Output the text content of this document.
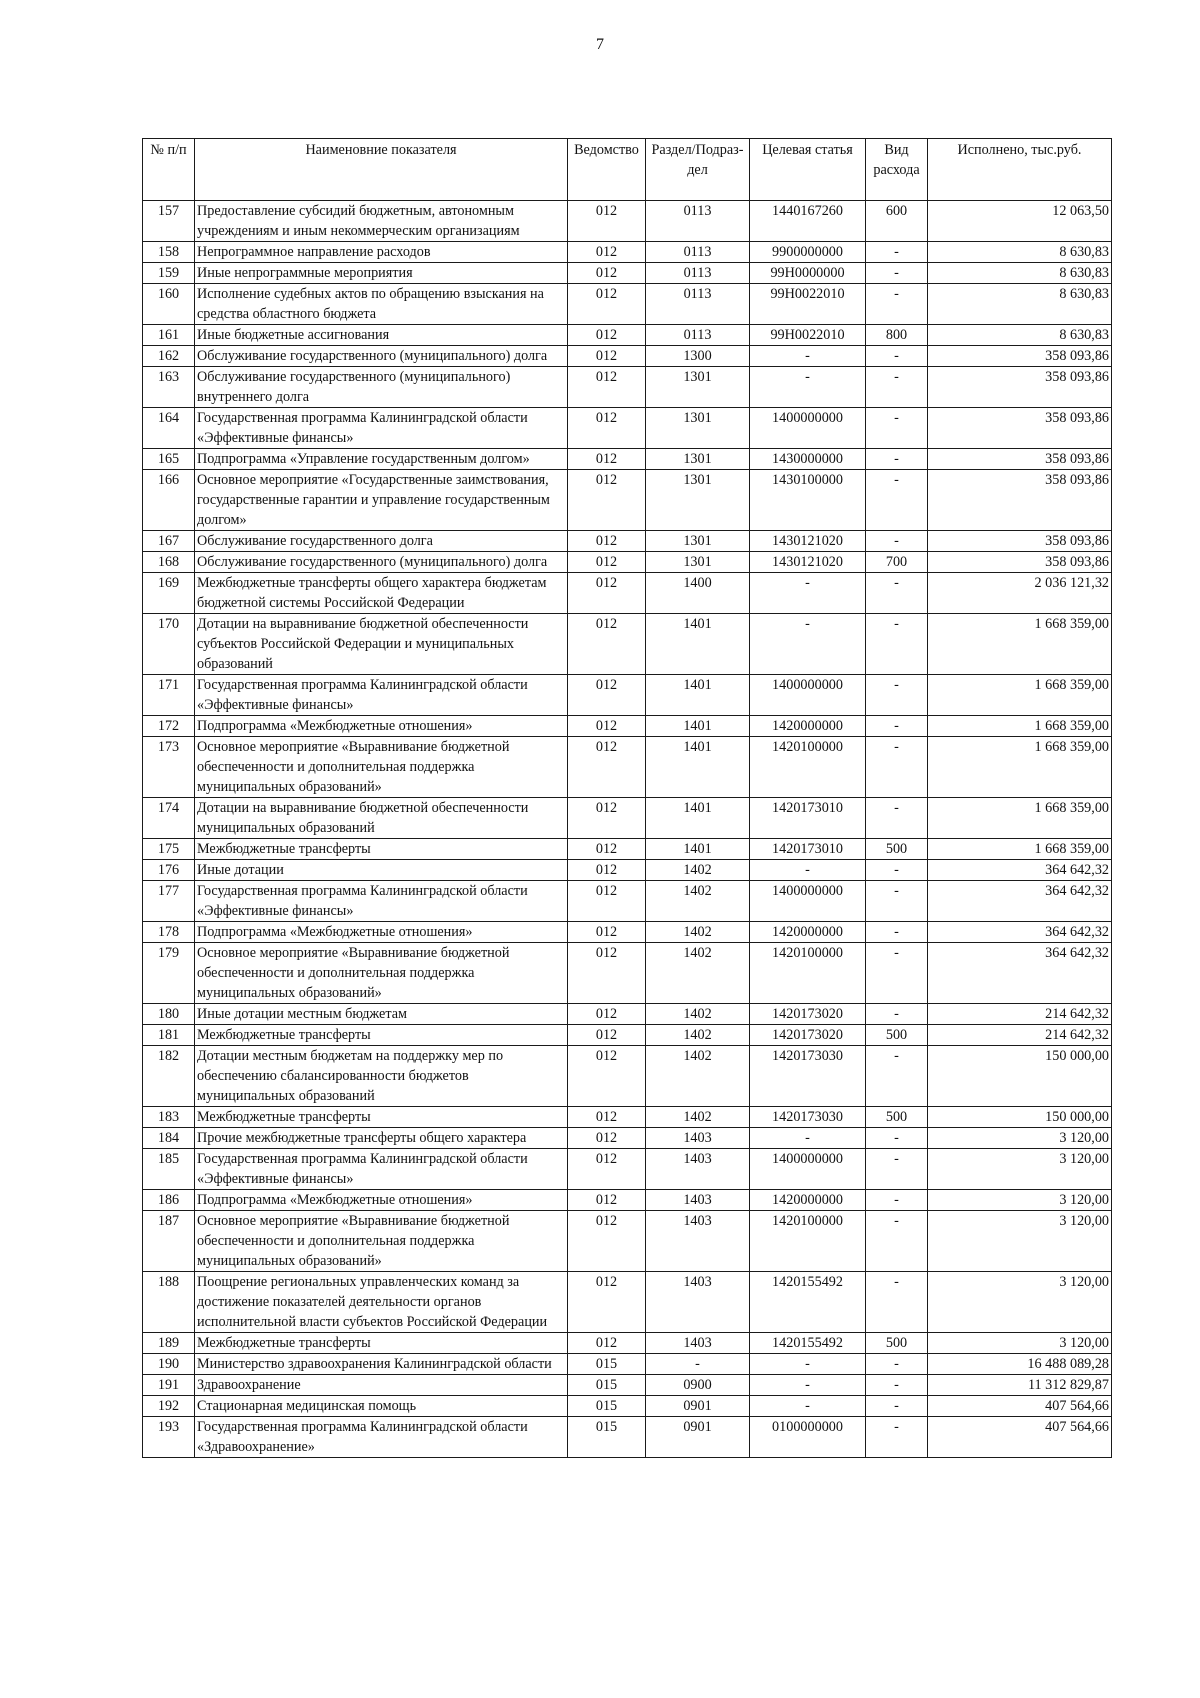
7
№ п/п	Наименовние показателя	Ведомство	Раздел/Подраз-дел	Целевая статья	Вид расхода	Исполнено, тыс.руб.
157	Предоставление субсидий бюджетным, автономным учреждениям и иным некоммерческим организациям	012	0113	1440167260	600	12 063,50
158	Непрограммное направление расходов	012	0113	9900000000	-	8 630,83
159	Иные непрограммные мероприятия	012	0113	99H0000000	-	8 630,83
160	Исполнение судебных актов по обращению взыскания на средства областного бюджета	012	0113	99H0022010	-	8 630,83
161	Иные бюджетные ассигнования	012	0113	99H0022010	800	8 630,83
162	Обслуживание государственного (муниципального) долга	012	1300	-	-	358 093,86
163	Обслуживание государственного (муниципального) внутреннего долга	012	1301	-	-	358 093,86
164	Государственная программа Калининградской области «Эффективные финансы»	012	1301	1400000000	-	358 093,86
165	Подпрограмма «Управление государственным долгом»	012	1301	1430000000	-	358 093,86
166	Основное мероприятие «Государственные заимствования, государственные гарантии и управление государственным долгом»	012	1301	1430100000	-	358 093,86
167	Обслуживание государственного долга	012	1301	1430121020	-	358 093,86
168	Обслуживание государственного (муниципального) долга	012	1301	1430121020	700	358 093,86
169	Межбюджетные трансферты общего характера бюджетам бюджетной системы Российской Федерации	012	1400	-	-	2 036 121,32
170	Дотации на выравнивание бюджетной обеспеченности субъектов Российской Федерации и муниципальных образований	012	1401	-	-	1 668 359,00
171	Государственная программа Калининградской области «Эффективные финансы»	012	1401	1400000000	-	1 668 359,00
172	Подпрограмма «Межбюджетные отношения»	012	1401	1420000000	-	1 668 359,00
173	Основное мероприятие «Выравнивание бюджетной обеспеченности и дополнительная поддержка муниципальных образований»	012	1401	1420100000	-	1 668 359,00
174	Дотации на выравнивание бюджетной обеспеченности муниципальных образований	012	1401	1420173010	-	1 668 359,00
175	Межбюджетные трансферты	012	1401	1420173010	500	1 668 359,00
176	Иные дотации	012	1402	-	-	364 642,32
177	Государственная программа Калининградской области «Эффективные финансы»	012	1402	1400000000	-	364 642,32
178	Подпрограмма «Межбюджетные отношения»	012	1402	1420000000	-	364 642,32
179	Основное мероприятие «Выравнивание бюджетной обеспеченности и дополнительная поддержка муниципальных образований»	012	1402	1420100000	-	364 642,32
180	Иные дотации местным бюджетам	012	1402	1420173020	-	214 642,32
181	Межбюджетные трансферты	012	1402	1420173020	500	214 642,32
182	Дотации местным бюджетам на поддержку мер по обеспечению сбалансированности бюджетов муниципальных образований	012	1402	1420173030	-	150 000,00
183	Межбюджетные трансферты	012	1402	1420173030	500	150 000,00
184	Прочие межбюджетные трансферты общего характера	012	1403	-	-	3 120,00
185	Государственная программа Калининградской области «Эффективные финансы»	012	1403	1400000000	-	3 120,00
186	Подпрограмма «Межбюджетные отношения»	012	1403	1420000000	-	3 120,00
187	Основное мероприятие «Выравнивание бюджетной обеспеченности и дополнительная поддержка муниципальных образований»	012	1403	1420100000	-	3 120,00
188	Поощрение региональных управленческих команд за достижение показателей деятельности органов исполнительной власти субъектов Российской Федерации	012	1403	1420155492	-	3 120,00
189	Межбюджетные трансферты	012	1403	1420155492	500	3 120,00
190	Министерство здравоохранения Калининградской области	015	-	-	-	16 488 089,28
191	Здравоохранение	015	0900	-	-	11 312 829,87
192	Стационарная медицинская помощь	015	0901	-	-	407 564,66
193	Государственная программа Калининградской области «Здравоохранение»	015	0901	0100000000	-	407 564,66
